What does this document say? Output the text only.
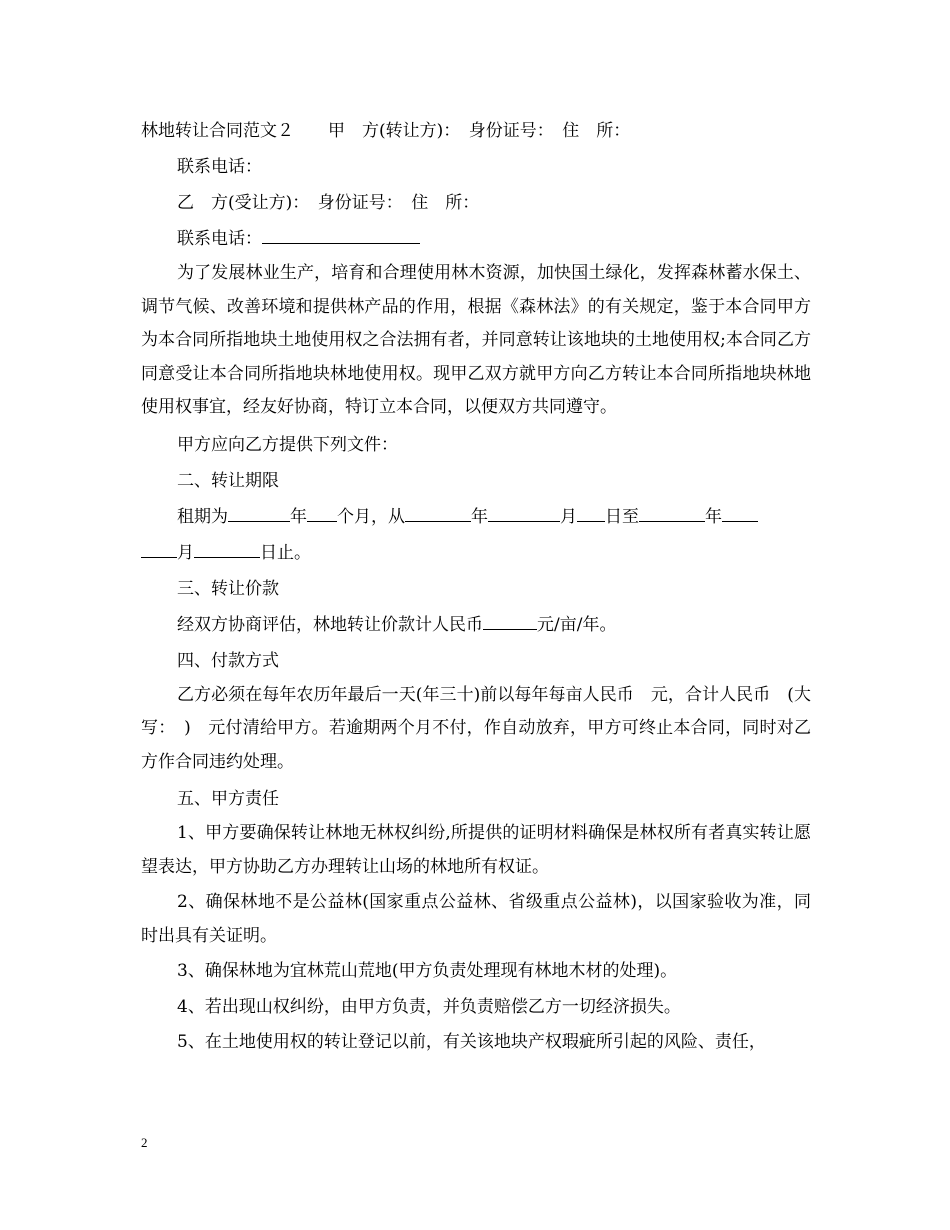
林地转让合同范文２　　甲　方(转让方)：　身份证号：　住　所：
联系电话：
乙　方(受让方)：　身份证号：　住　所：
联系电话：

为了发展林业生产，培育和合理使用林木资源，加快国土绿化，发挥森林蓄水保土、调节气候、改善环境和提供林产品的作用，根据《森林法》的有关规定，鉴于本合同甲方为本合同所指地块土地使用权之合法拥有者，并同意转让该地块的土地使用权;本合同乙方同意受让本合同所指地块林地使用权。现甲乙双方就甲方向乙方转让本合同所指地块林地使用权事宜，经友好协商，特订立本合同，以便双方共同遵守。

甲方应向乙方提供下列文件：
二、转让期限
租期为	年 个月，从	年	月 日至	年
月	日止。
三、转让价款
经双方协商评估，林地转让价款计人民币	元/亩/年。
四、付款方式

乙方必须在每年农历年最后一天(年三十)前以每年每亩人民币　元，合计人民币　(大写：　)　元付清给甲方。若逾期两个月不付，作自动放弃，甲方可终止本合同，同时对乙方作合同违约处理。

五、甲方责任

1、甲方要确保转让林地无林权纠纷,所提供的证明材料确保是林权所有者真实转让愿望表达，甲方协助乙方办理转让山场的林地所有权证。

2、确保林地不是公益林(国家重点公益林、省级重点公益林)，以国家验收为准，同时出具有关证明。

3、确保林地为宜林荒山荒地(甲方负责处理现有林地木材的处理)。

4、若出现山权纠纷，由甲方负责，并负责赔偿乙方一切经济损失。

5、在土地使用权的转让登记以前，有关该地块产权瑕疵所引起的风险、责任，

2
